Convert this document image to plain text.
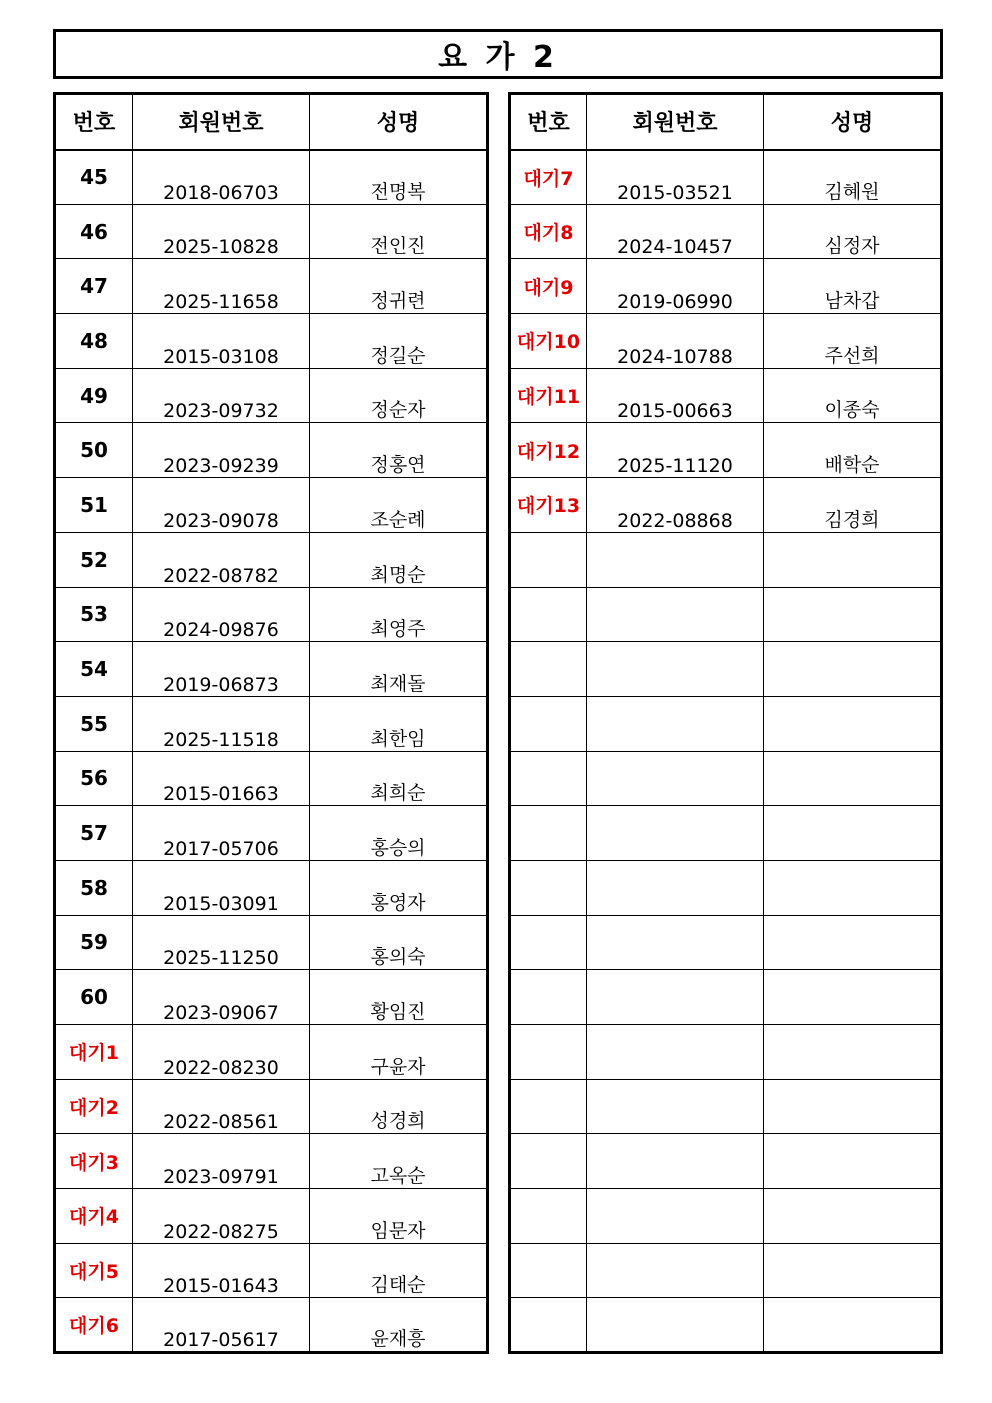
요 가 2
번호	회원번호	성명
45	2018-06703	전명복
46	2025-10828	전인진
47	2025-11658	정귀련
48	2015-03108	정길순
49	2023-09732	정순자
50	2023-09239	정홍연
51	2023-09078	조순례
52	2022-08782	최명순
53	2024-09876	최영주
54	2019-06873	최재돌
55	2025-11518	최한임
56	2015-01663	최희순
57	2017-05706	홍승의
58	2015-03091	홍영자
59	2025-11250	홍의숙
60	2023-09067	황임진
대기1	2022-08230	구윤자
대기2	2022-08561	성경희
대기3	2023-09791	고옥순
대기4	2022-08275	임문자
대기5	2015-01643	김태순
대기6	2017-05617	윤재흥
번호	회원번호	성명
대기7	2015-03521	김혜원
대기8	2024-10457	심정자
대기9	2019-06990	남차갑
대기10	2024-10788	주선희
대기11	2015-00663	이종숙
대기12	2025-11120	배학순
대기13	2022-08868	김경희
